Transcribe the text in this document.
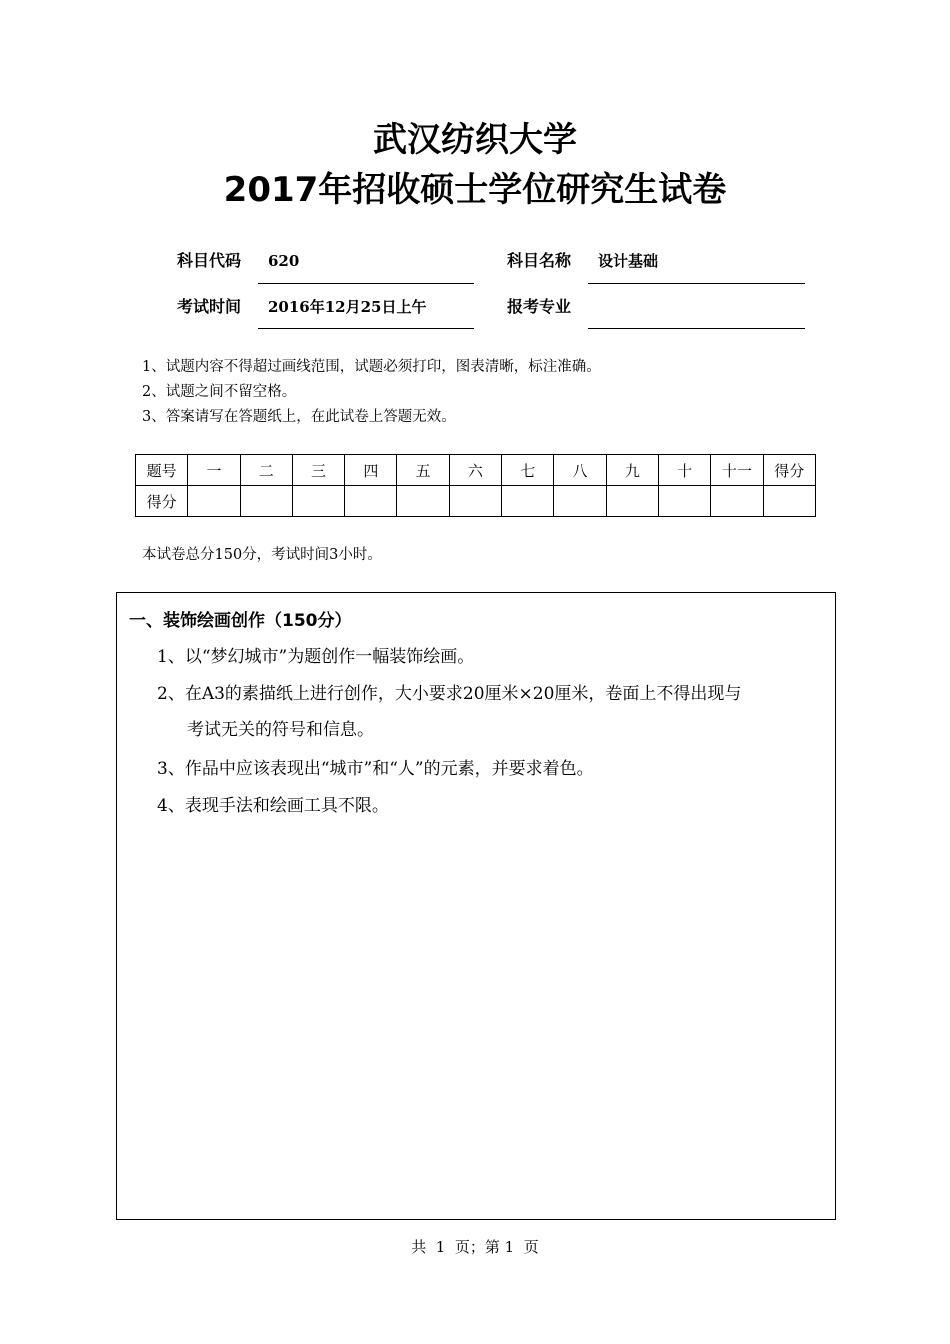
武汉纺织大学
2017年招收硕士学位研究生试卷
科目代码 620	科目名称 设计基础
考试时间 2016年12月25日上午	报考专业
1、试题内容不得超过画线范围，试题必须打印，图表清晰，标注准确。
2、试题之间不留空格。
3、答案请写在答题纸上，在此试卷上答题无效。
题号	一	二	三	四	五	六	七	八	九	十	十一	得分
得分												
本试卷总分150分，考试时间3小时。
一、装饰绘画创作（150分）
1、以“梦幻城市”为题创作一幅装饰绘画。
2、在A3的素描纸上进行创作，大小要求20厘米×20厘米，卷面上不得出现与
考试无关的符号和信息。
3、作品中应该表现出“城市”和“人”的元素，并要求着色。
4、表现手法和绘画工具不限。
共  1  页；第 1  页
